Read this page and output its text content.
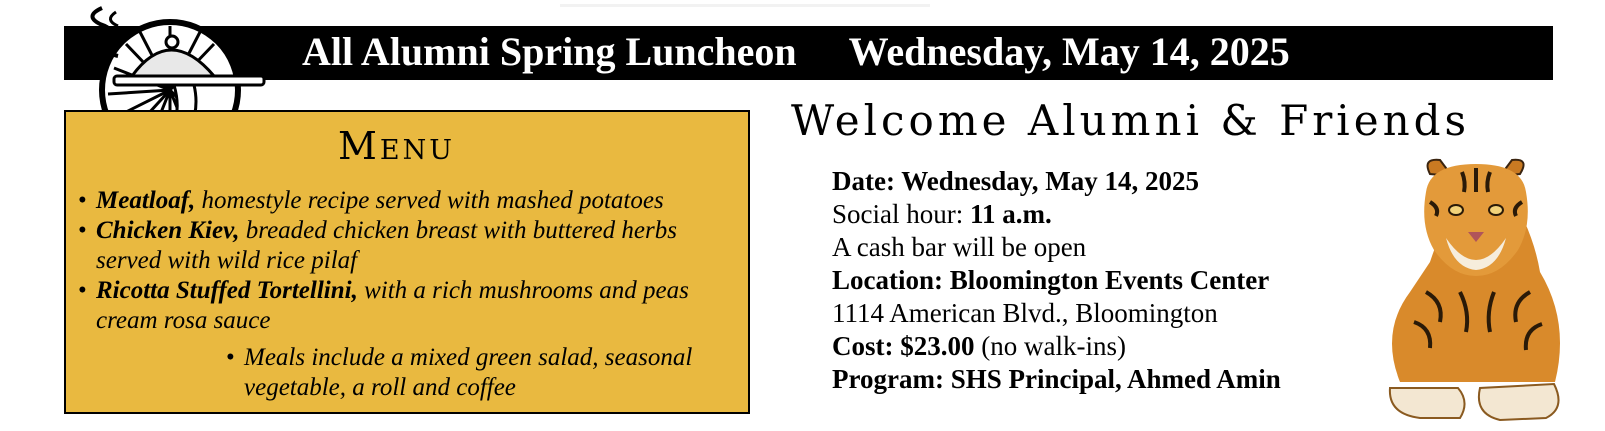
All Alumni Spring Luncheon Wednesday, May 14, 2025
Menu
• Meatloaf, homestyle recipe served with mashed potatoes
• Chicken Kiev, breaded chicken breast with buttered herbs served with wild rice pilaf
• Ricotta Stuffed Tortellini, with a rich mushrooms and peas cream rosa sauce
• Meals include a mixed green salad, seasonal vegetable, a roll and coffee
Welcome Alumni & Friends
Date: Wednesday, May 14, 2025
Social hour: 11 a.m.
A cash bar will be open
Location: Bloomington Events Center
1114 American Blvd., Bloomington
Cost: $23.00 (no walk-ins)
Program: SHS Principal, Ahmed Amin
